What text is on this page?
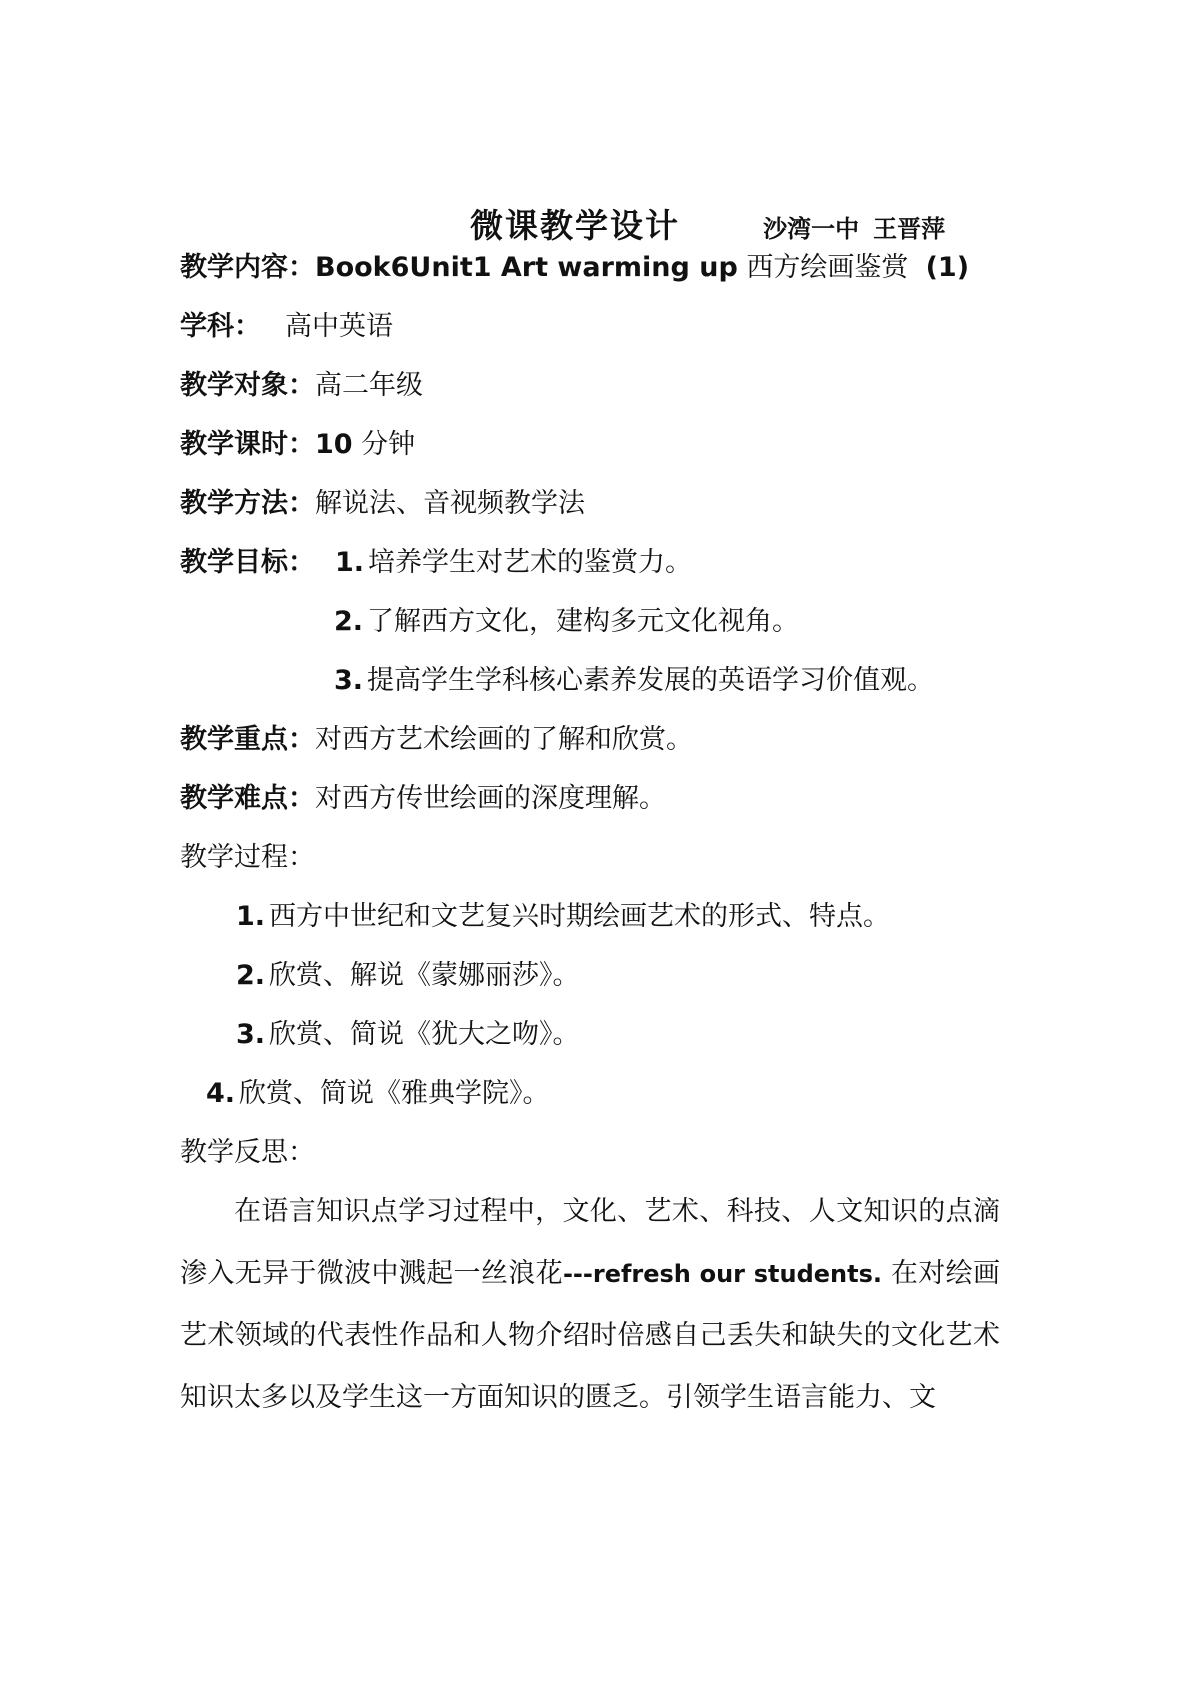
微课教学设计	沙湾一中 王晋萍
教学内容：Book6Unit1 Art warming up 西方绘画鉴赏 (1)
学科： 高中英语
教学对象：高二年级
教学课时：10 分钟
教学方法：解说法、音视频教学法
教学目标： 1. 培养学生对艺术的鉴赏力。
2. 了解西方文化，建构多元文化视角。
3. 提高学生学科核心素养发展的英语学习价值观。
教学重点：对西方艺术绘画的了解和欣赏。
教学难点：对西方传世绘画的深度理解。
教学过程：
1. 西方中世纪和文艺复兴时期绘画艺术的形式、特点。
2. 欣赏、解说《蒙娜丽莎》。
3. 欣赏、简说《犹大之吻》。
4. 欣赏、简说《雅典学院》。
教学反思：
在语言知识点学习过程中，文化、艺术、科技、人文知识的点滴渗入无异于微波中溅起一丝浪花---refresh our students. 在对绘画艺术领域的代表性作品和人物介绍时倍感自己丢失和缺失的文化艺术知识太多以及学生这一方面知识的匮乏。引领学生语言能力、文
